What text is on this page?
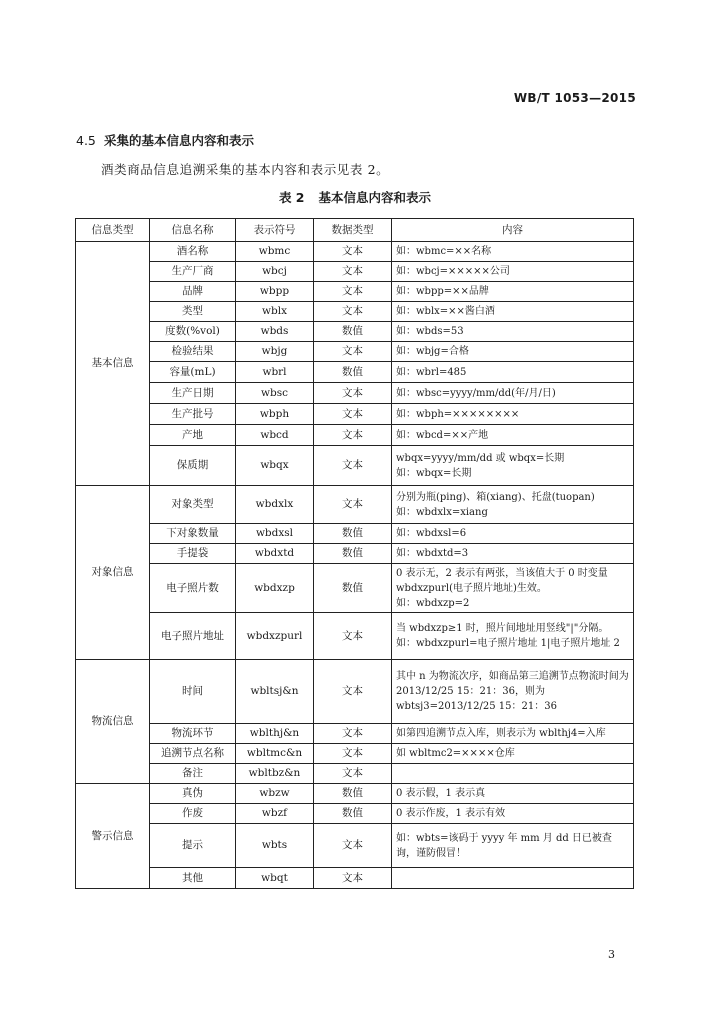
WB/T 1053—2015
4.5 采集的基本信息内容和表示
酒类商品信息追溯采集的基本内容和表示见表 2。
表 2 基本信息内容和表示
信息类型	信息名称	表示符号	数据类型	内容
基本信息	酒名称	wbmc	文本	如：wbmc=××名称
	生产厂商	wbcj	文本	如：wbcj=×××××公司
	品牌	wbpp	文本	如：wbpp=××品牌
	类型	wblx	文本	如：wblx=××酱白酒
	度数(%vol)	wbds	数值	如：wbds=53
	检验结果	wbjg	文本	如：wbjg=合格
	容量(mL)	wbrl	数值	如：wbrl=485
	生产日期	wbsc	文本	如：wbsc=yyyy/mm/dd(年/月/日)
	生产批号	wbph	文本	如：wbph=××××××××
	产地	wbcd	文本	如：wbcd=××产地
	保质期	wbqx	文本	wbqx=yyyy/mm/dd 或 wbqx=长期
如：wbqx=长期
对象信息	对象类型	wbdxlx	文本	分别为瓶(ping)、箱(xiang)、托盘(tuopan)
如：wbdxlx=xiang
	下对象数量	wbdxsl	数值	如：wbdxsl=6
	手提袋	wbdxtd	数值	如：wbdxtd=3
	电子照片数	wbdxzp	数值	0 表示无，2 表示有两张，当该值大于 0 时变量 wbdxzpurl(电子照片地址)生效。
如：wbdxzp=2
	电子照片地址	wbdxzpurl	文本	当 wbdxzp≥1 时，照片间地址用竖线"|"分隔。
如：wbdxzpurl=电子照片地址 1|电子照片地址 2
物流信息	时间	wbltsj&n	文本	其中 n 为物流次序，如商品第三追溯节点物流时间为 2013/12/25 15：21：36，则为 wbtsj3=2013/12/25 15：21：36
	物流环节	wblthj&n	文本	如第四追溯节点入库，则表示为 wblthj4=入库
	追溯节点名称	wbltmc&n	文本	如 wbltmc2=××××仓库
	备注	wbltbz&n	文本	
警示信息	真伪	wbzw	数值	0 表示假，1 表示真
	作废	wbzf	数值	0 表示作废，1 表示有效
	提示	wbts	文本	如：wbts=该码于 yyyy 年 mm 月 dd 日已被查询，谨防假冒！
	其他	wbqt	文本	
3
